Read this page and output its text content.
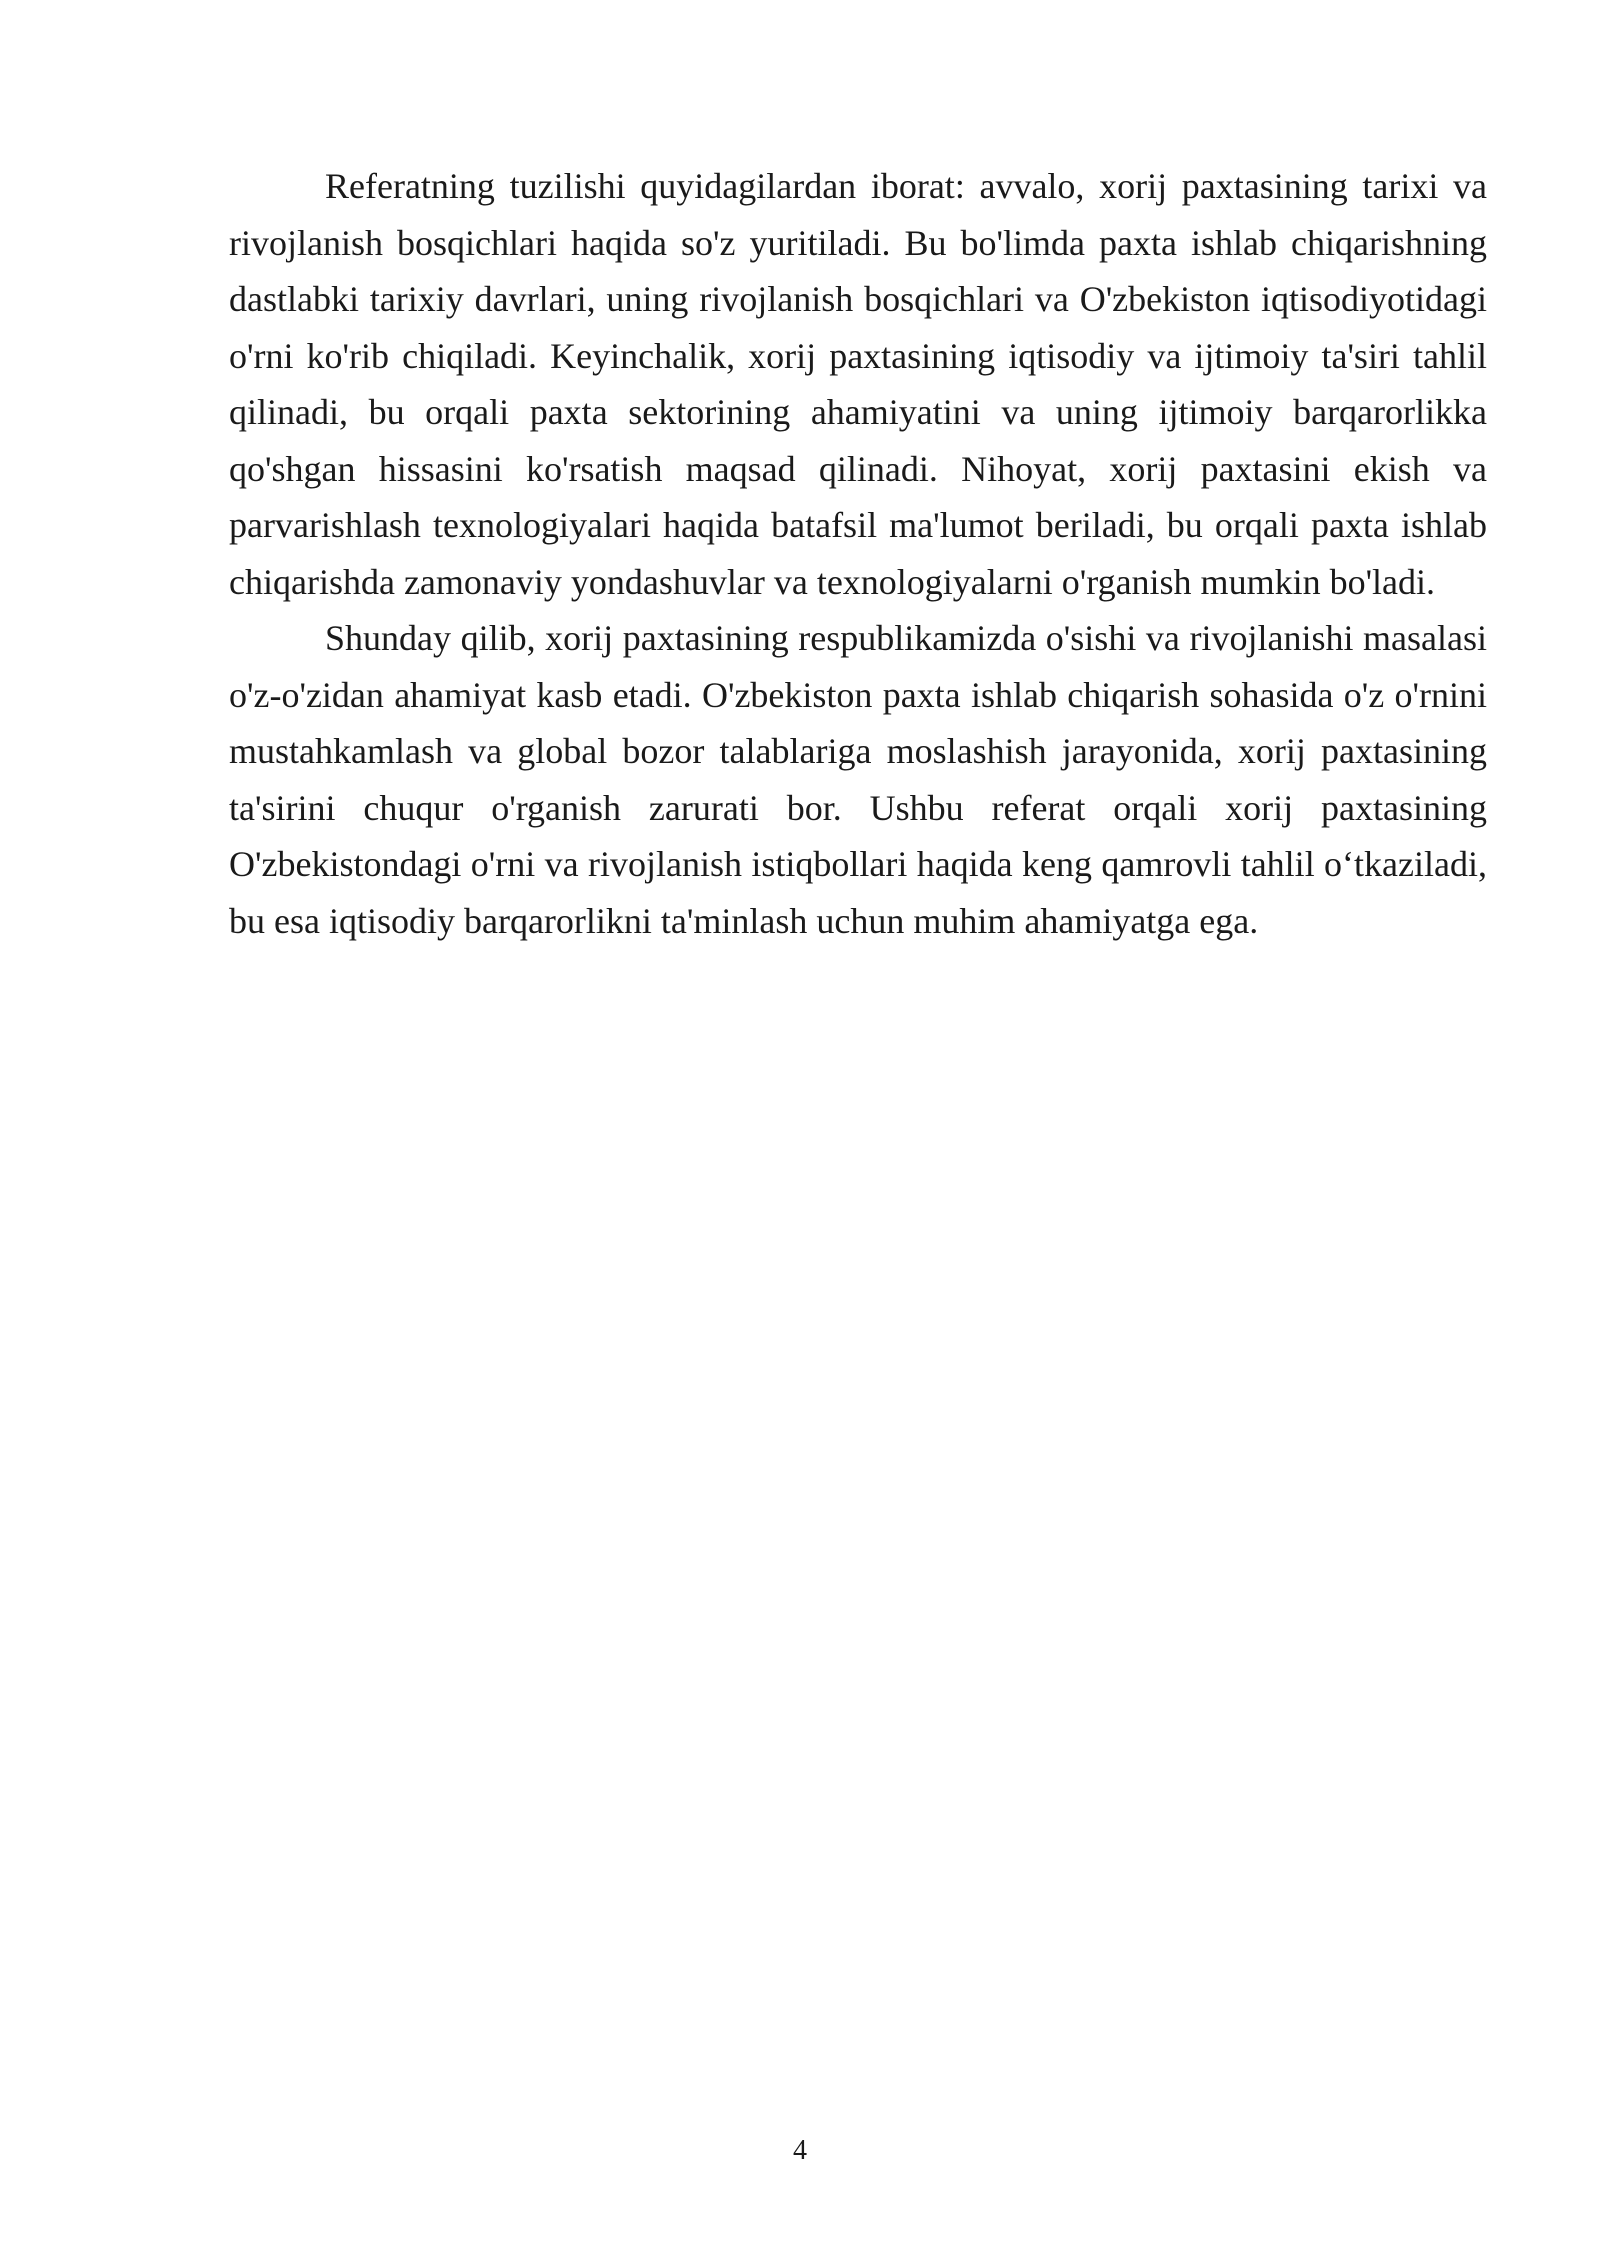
Referatning tuzilishi quyidagilardan iborat: avvalo, xorij paxtasining tarixi va rivojlanish bosqichlari haqida so'z yuritiladi. Bu bo'limda paxta ishlab chiqarishning dastlabki tarixiy davrlari, uning rivojlanish bosqichlari va O'zbekiston iqtisodiyotidagi o'rni ko'rib chiqiladi. Keyinchalik, xorij paxtasining iqtisodiy va ijtimoiy ta'siri tahlil qilinadi, bu orqali paxta sektorining ahamiyatini va uning ijtimoiy barqarorlikka qo'shgan hissasini ko'rsatish maqsad qilinadi. Nihoyat, xorij paxtasini ekish va parvarishlash texnologiyalari haqida batafsil ma'lumot beriladi, bu orqali paxta ishlab chiqarishda zamonaviy yondashuvlar va texnologiyalarni o'rganish mumkin bo'ladi.

Shunday qilib, xorij paxtasining respublikamizda o'sishi va rivojlanishi masalasi o'z-o'zidan ahamiyat kasb etadi. O'zbekiston paxta ishlab chiqarish sohasida o'z o'rnini mustahkamlash va global bozor talablariga moslashish jarayonida, xorij paxtasining ta'sirini chuqur o'rganish zarurati bor. Ushbu referat orqali xorij paxtasining O'zbekistondagi o'rni va rivojlanish istiqbollari haqida keng qamrovli tahlil o‘tkaziladi, bu esa iqtisodiy barqarorlikni ta'minlash uchun muhim ahamiyatga ega.

4
